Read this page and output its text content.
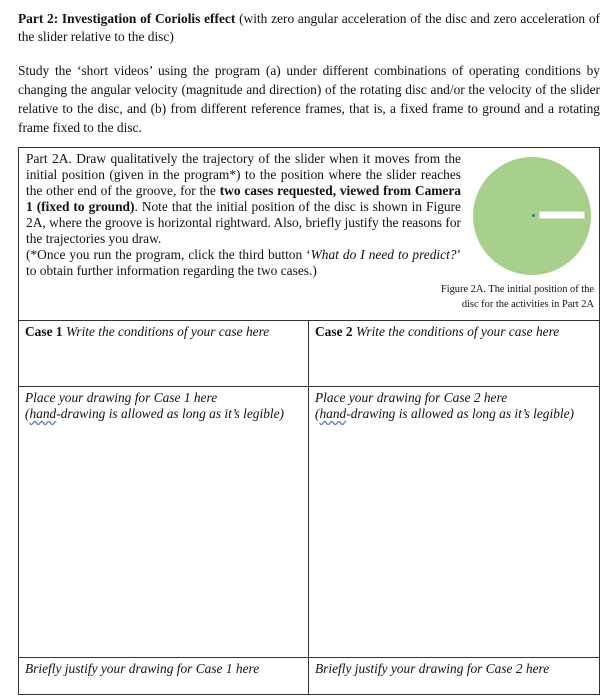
Part 2: Investigation of Coriolis effect (with zero angular acceleration of the disc and zero acceleration of the slider relative to the disc)
Study the ‘short videos’ using the program (a) under different combinations of operating conditions by changing the angular velocity (magnitude and direction) of the rotating disc and/or the velocity of the slider relative to the disc, and (b) from different reference frames, that is, a fixed frame to ground and a rotating frame fixed to the disc.
Part 2A. Draw qualitatively the trajectory of the slider when it moves from the initial position (given in the program*) to the position where the slider reaches the other end of the groove, for the two cases requested, viewed from Camera 1 (fixed to ground). Note that the initial position of the disc is shown in Figure 2A, where the groove is horizontal rightward. Also, briefly justify the reasons for the trajectories you draw.
(*Once you run the program, click the third button ‘What do I need to predict?’ to obtain further information regarding the two cases.)
Figure 2A. The initial position of the disc for the activities in Part 2A
Case 1 Write the conditions of your case here	Case 2 Write the conditions of your case here
Place your drawing for Case 1 here
(hand-drawing is allowed as long as it’s legible)
Place your drawing for Case 2 here
(hand-drawing is allowed as long as it’s legible)
Briefly justify your drawing for Case 1 here	Briefly justify your drawing for Case 2 here
